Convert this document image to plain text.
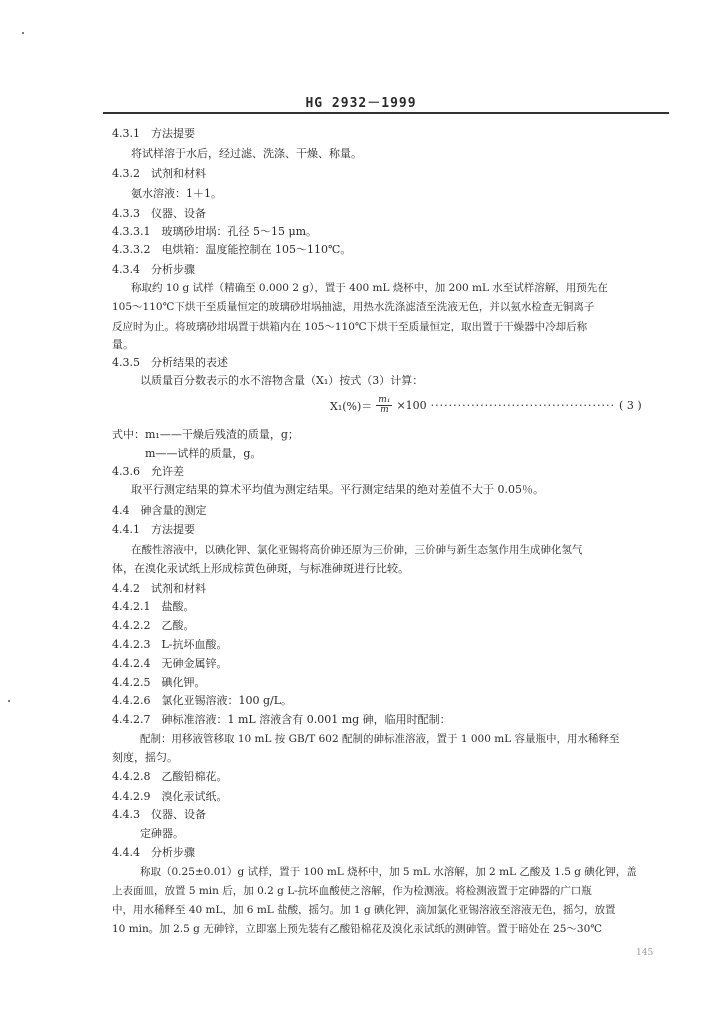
HG 2932－1999
4.3.1　方法提要
将试样溶于水后，经过滤、洗涤、干燥、称量。
4.3.2　试剂和材料
氨水溶液：1＋1。
4.3.3　仪器、设备
4.3.3.1　玻璃砂坩埚：孔径 5～15 μm。
4.3.3.2　电烘箱：温度能控制在 105～110℃。
4.3.4　分析步骤
称取约 10 g 试样（精确至 0.000 2 g），置于 400 mL 烧杯中，加 200 mL 水至试样溶解，用预先在
105～110℃下烘干至质量恒定的玻璃砂坩埚抽滤，用热水洗涤滤渣至洗液无色，并以氨水检查无铜离子
反应时为止。将玻璃砂坩埚置于烘箱内在 105～110℃下烘干至质量恒定，取出置于干燥器中冷却后称
量。
4.3.5　分析结果的表述
以质量百分数表示的水不溶物含量（X₁）按式（3）计算：
$X_1(\%)= \frac{\text{m₁}}{m} \times 100$ ········································· ( 3 )
式中：m₁——干燥后残渣的质量，g；
m——试样的质量，g。
4.3.6　允许差
取平行测定结果的算术平均值为测定结果。平行测定结果的绝对差值不大于 0.05％。
4.4　砷含量的测定
4.4.1　方法提要
在酸性溶液中，以碘化钾、氯化亚锡将高价砷还原为三价砷，三价砷与新生态氢作用生成砷化氢气
体，在溴化汞试纸上形成棕黄色砷斑，与标准砷斑进行比较。
4.4.2　试剂和材料
4.4.2.1　盐酸。
4.4.2.2　乙酸。
4.4.2.3　L-抗坏血酸。
4.4.2.4　无砷金属锌。
4.4.2.5　碘化钾。
4.4.2.6　氯化亚锡溶液：100 g/L。
4.4.2.7　砷标准溶液：1 mL 溶液含有 0.001 mg 砷，临用时配制：
配制：用移液管移取 10 mL 按 GB/T 602 配制的砷标准溶液，置于 1 000 mL 容量瓶中，用水稀释至
刻度，摇匀。
4.4.2.8　乙酸铅棉花。
4.4.2.9　溴化汞试纸。
4.4.3　仪器、设备
定砷器。
4.4.4　分析步骤
称取（0.25±0.01）g 试样，置于 100 mL 烧杯中，加 5 mL 水溶解，加 2 mL 乙酸及 1.5 g 碘化钾，盖
上表面皿，放置 5 min 后，加 0.2 g L-抗坏血酸使之溶解，作为检测液。将检测液置于定砷器的广口瓶
中，用水稀释至 40 mL，加 6 mL 盐酸，摇匀。加 1 g 碘化钾，滴加氯化亚锡溶液至溶液无色，摇匀，放置
10 min。加 2.5 g 无砷锌，立即塞上预先装有乙酸铅棉花及溴化汞试纸的测砷管。置于暗处在 25～30℃
145
